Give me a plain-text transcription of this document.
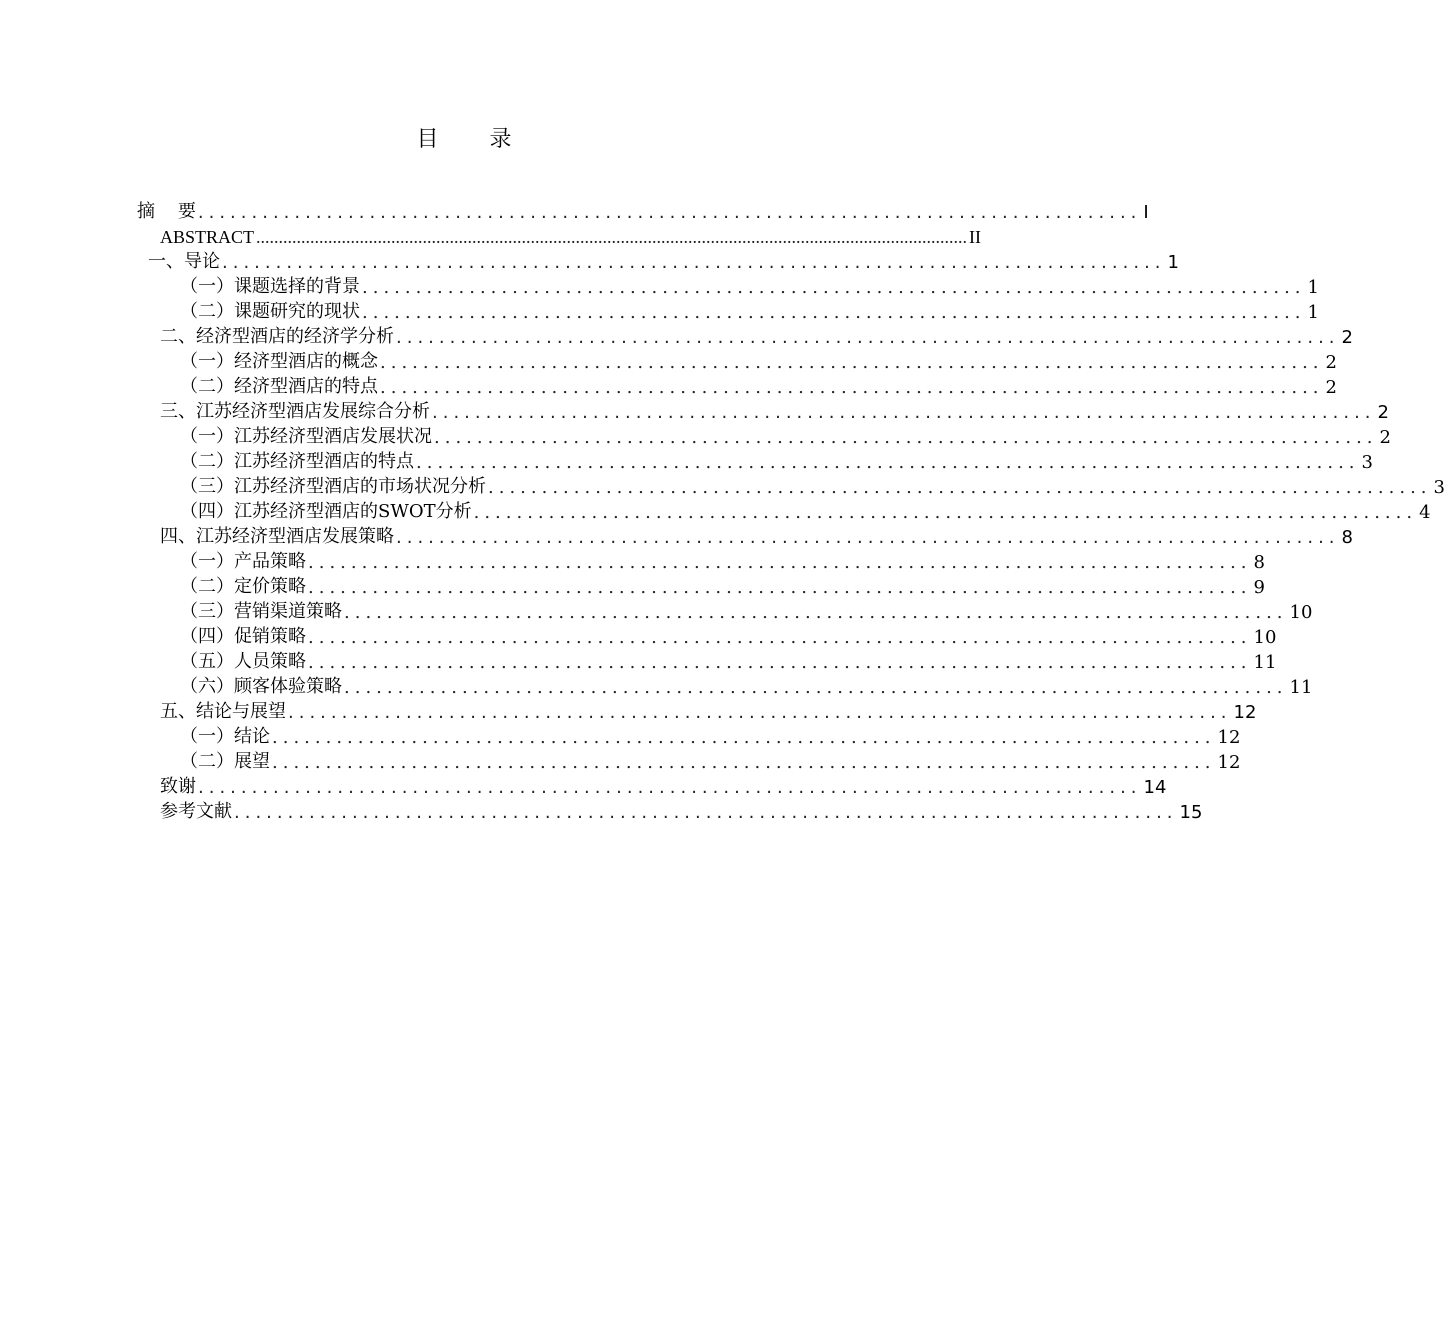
目 录
摘    要 ........................................................................................ I
ABSTRACT .............................................................................................................................................................. II
一、导论 ........................................................................................ 1
（一）课题选择的背景 ........................................................................................ 1
（二）课题研究的现状 ........................................................................................ 1
二、经济型酒店的经济学分析 ........................................................................................ 2
（一）经济型酒店的概念 ........................................................................................ 2
（二）经济型酒店的特点 ........................................................................................ 2
三、江苏经济型酒店发展综合分析 ........................................................................................ 2
（一）江苏经济型酒店发展状况 ........................................................................................ 2
（二）江苏经济型酒店的特点 ........................................................................................ 3
（三）江苏经济型酒店的市场状况分析 ........................................................................................ 3
（四）江苏经济型酒店的SWOT分析 ........................................................................................ 4
四、江苏经济型酒店发展策略 ........................................................................................ 8
（一）产品策略 ........................................................................................ 8
（二）定价策略 ........................................................................................ 9
（三）营销渠道策略 ........................................................................................ 10
（四）促销策略 ........................................................................................ 10
（五）人员策略 ........................................................................................ 11
（六）顾客体验策略 ........................................................................................ 11
五、结论与展望 ........................................................................................ 12
（一）结论 ........................................................................................ 12
（二）展望 ........................................................................................ 12
致谢 ........................................................................................ 14
参考文献 ........................................................................................ 15
